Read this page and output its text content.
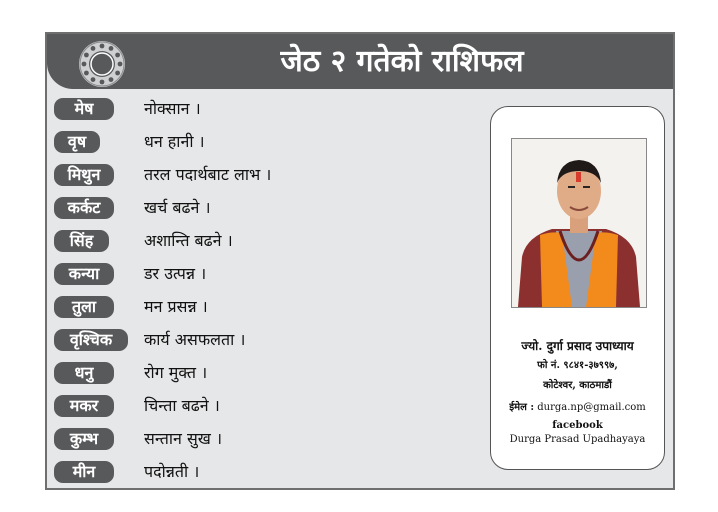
जेठ २ गतेको राशिफल
मेष	नोक्सान ।
वृष	धन हानी ।
मिथुन	तरल पदार्थबाट लाभ ।
कर्कट	खर्च बढने ।
सिंह	अशान्ति बढने ।
कन्या	डर उत्पन्न ।
तुला	मन प्रसन्न ।
वृश्चिक	कार्य असफलता ।
धनु	रोग मुक्त ।
मकर	चिन्ता बढने ।
कुम्भ	सन्तान सुख ।
मीन	पदोन्नती ।
ज्यो. दुर्गा प्रसाद उपाध्याय
फो नं. ९८४१-३७९९७,
कोटेश्वर, काठमाडौं
ईमेल : durga.np@gmail.com
facebook
Durga Prasad Upadhayaya
